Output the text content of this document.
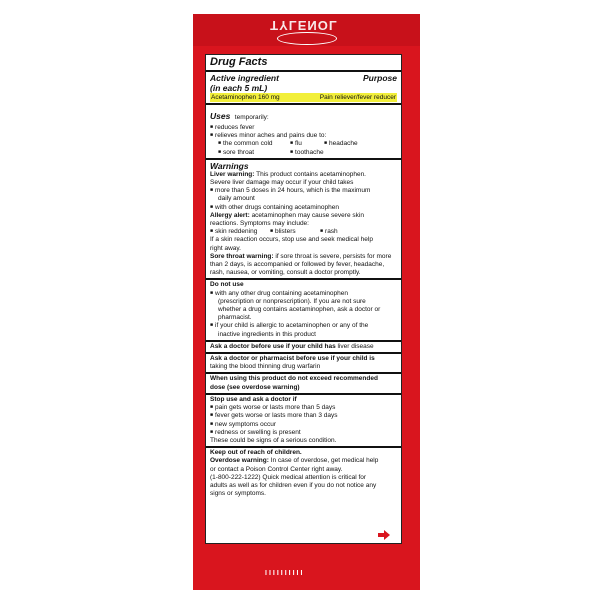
TYLENOL
IIIIIIIIII
Drug Facts
Active ingredient	Purpose
(in each 5 mL)
Acetaminophen 160 mg	Pain reliever/fever reducer
Uses temporarily:
■ reduces fever
■ relieves minor aches and pains due to:
■ the common cold	■ flu	■ headache
■ sore throat	■ toothache
Warnings
Liver warning: This product contains acetaminophen.
Severe liver damage may occur if your child takes
■ more than 5 doses in 24 hours, which is the maximum
daily amount
■ with other drugs containing acetaminophen
Allergy alert: acetaminophen may cause severe skin
reactions. Symptoms may include:
■ skin reddening	■ blisters	■ rash
If a skin reaction occurs, stop use and seek medical help
right away.
Sore throat warning: if sore throat is severe, persists for more
than 2 days, is accompanied or followed by fever, headache,
rash, nausea, or vomiting, consult a doctor promptly.
Do not use
■ with any other drug containing acetaminophen
(prescription or nonprescription). If you are not sure
whether a drug contains acetaminophen, ask a doctor or
pharmacist.
■ if your child is allergic to acetaminophen or any of the
inactive ingredients in this product
Ask a doctor before use if your child has liver disease
Ask a doctor or pharmacist before use if your child is
taking the blood thinning drug warfarin
When using this product do not exceed recommended
dose (see overdose warning)
Stop use and ask a doctor if
■ pain gets worse or lasts more than 5 days
■ fever gets worse or lasts more than 3 days
■ new symptoms occur
■ redness or swelling is present
These could be signs of a serious condition.
Keep out of reach of children.
Overdose warning: In case of overdose, get medical help
or contact a Poison Control Center right away.
(1-800-222-1222) Quick medical attention is critical for
adults as well as for children even if you do not notice any
signs or symptoms.
